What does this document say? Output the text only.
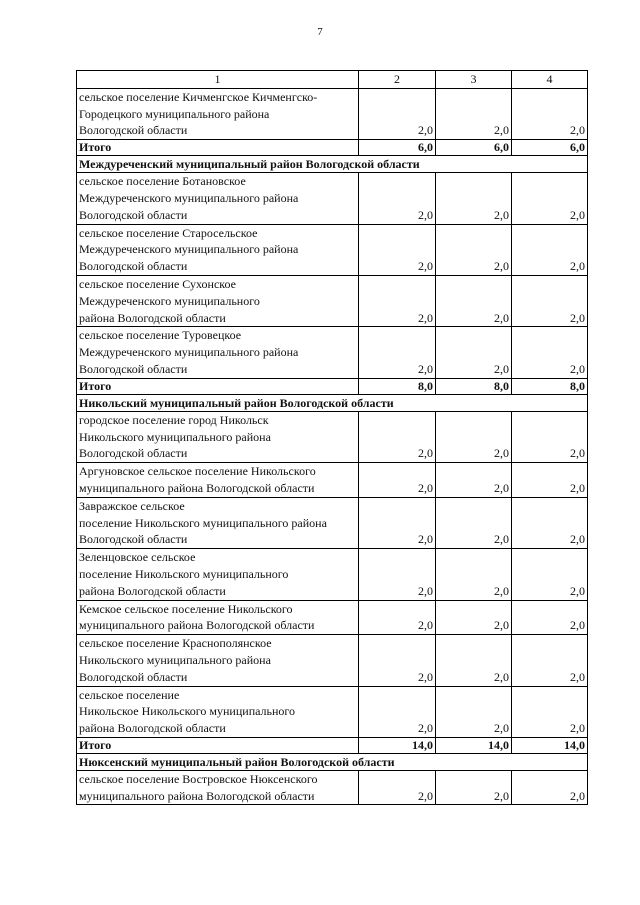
7
1	2	3	4

сельское поселение Кичменгское Кичменгско-
Городецкого муниципального района
Вологодской области	2,0	2,0	2,0

Итого	6,0	6,0	6,0

Междуреченский муниципальный район Вологодской области			

сельское поселение Ботановское
Междуреченского муниципального района
Вологодской области	2,0	2,0	2,0

сельское поселение Старосельское
Междуреченского муниципального района
Вологодской области	2,0	2,0	2,0

сельское поселение Сухонское
Междуреченского муниципального
района Вологодской области	2,0	2,0	2,0

сельское поселение Туровецкое
Междуреченского муниципального района
Вологодской области	2,0	2,0	2,0

Итого	8,0	8,0	8,0

Никольский муниципальный район Вологодской области			

городское поселение город Никольск
Никольского муниципального района
Вологодской области	2,0	2,0	2,0

Аргуновское сельское поселение Никольского
муниципального района Вологодской области	2,0	2,0	2,0

Завражское сельское
поселение Никольского муниципального района
Вологодской области	2,0	2,0	2,0

Зеленцовское сельское
поселение Никольского муниципального
района Вологодской области	2,0	2,0	2,0

Кемское сельское поселение Никольского
муниципального района Вологодской области	2,0	2,0	2,0

сельское поселение Краснополянское
Никольского муниципального района
Вологодской области	2,0	2,0	2,0

сельское поселение
Никольское Никольского муниципального
района Вологодской области	2,0	2,0	2,0

Итого	14,0	14,0	14,0

Нюксенский муниципальный район Вологодской области			

сельское поселение Востровское Нюксенского
муниципального района Вологодской области	2,0	2,0	2,0
